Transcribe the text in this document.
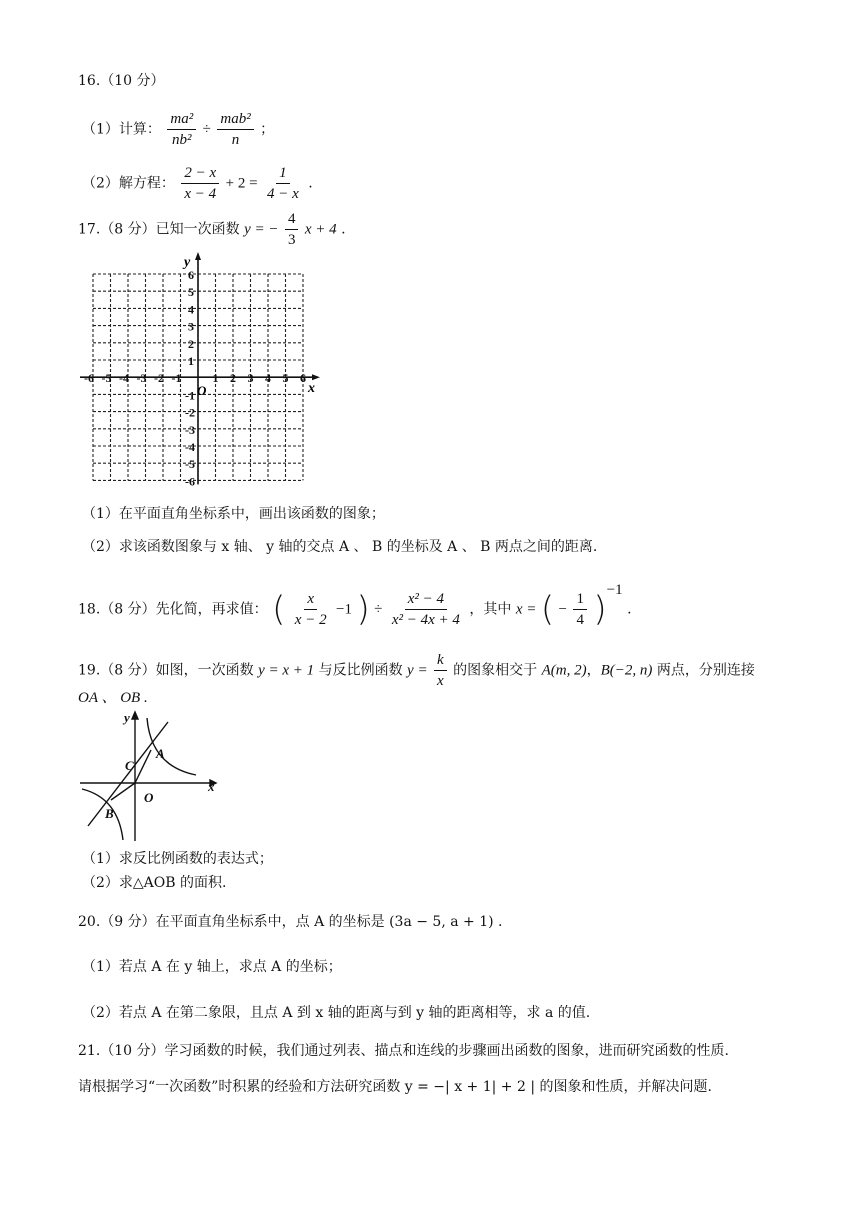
16.（10 分）
（1）计算： $\frac{\text{ma²}}{\text{nb²}} \div \frac{\text{mab²}}{n}$ ；
（2）解方程： $\frac{2 - x}{x - 4} + 2 = \frac{1}{4 - x}$ .
17.（8 分）已知一次函数 y = − $\frac{4}{3}$ x + 4 .
-6 -5 -4 -3 -2 -1	1 2 3 4 5 6
6
5
4
3
2
1
-1
-2
-3
-4
-5
-6
x
y
O
（1）在平面直角坐标系中，画出该函数的图象；
（2）求该函数图象与 x 轴、 y 轴的交点 A 、 B 的坐标及 A 、 B 两点之间的距离.
18.（8 分）先化简，再求值： ( $\frac{x}{x - 2} -1$ ) ÷ $\frac{\text{x² − 4}}{\text{x² − 4x + 4}}$ ，其中 x = ( − $\frac{1}{4} )^{-1}$ .
19.（8 分）如图，一次函数 y = x + 1 与反比例函数 $y = \frac{k}{x}$ 的图象相交于 A(m, 2)，B(−2, n) 两点，分别连接
OA 、 OB .
y
x
A
B
C
O
（1）求反比例函数的表达式；
（2）求△AOB 的面积.
20.（9 分）在平面直角坐标系中，点 A 的坐标是 (3a − 5, a + 1) .
（1）若点 A 在 y 轴上，求点 A 的坐标；
（2）若点 A 在第二象限，且点 A 到 x 轴的距离与到 y 轴的距离相等，求 a 的值.
21.（10 分）学习函数的时候，我们通过列表、描点和连线的步骤画出函数的图象，进而研究函数的性质.
请根据学习“一次函数”时积累的经验和方法研究函数 y = −| x + 1| + 2 | 的图象和性质，并解决问题.
